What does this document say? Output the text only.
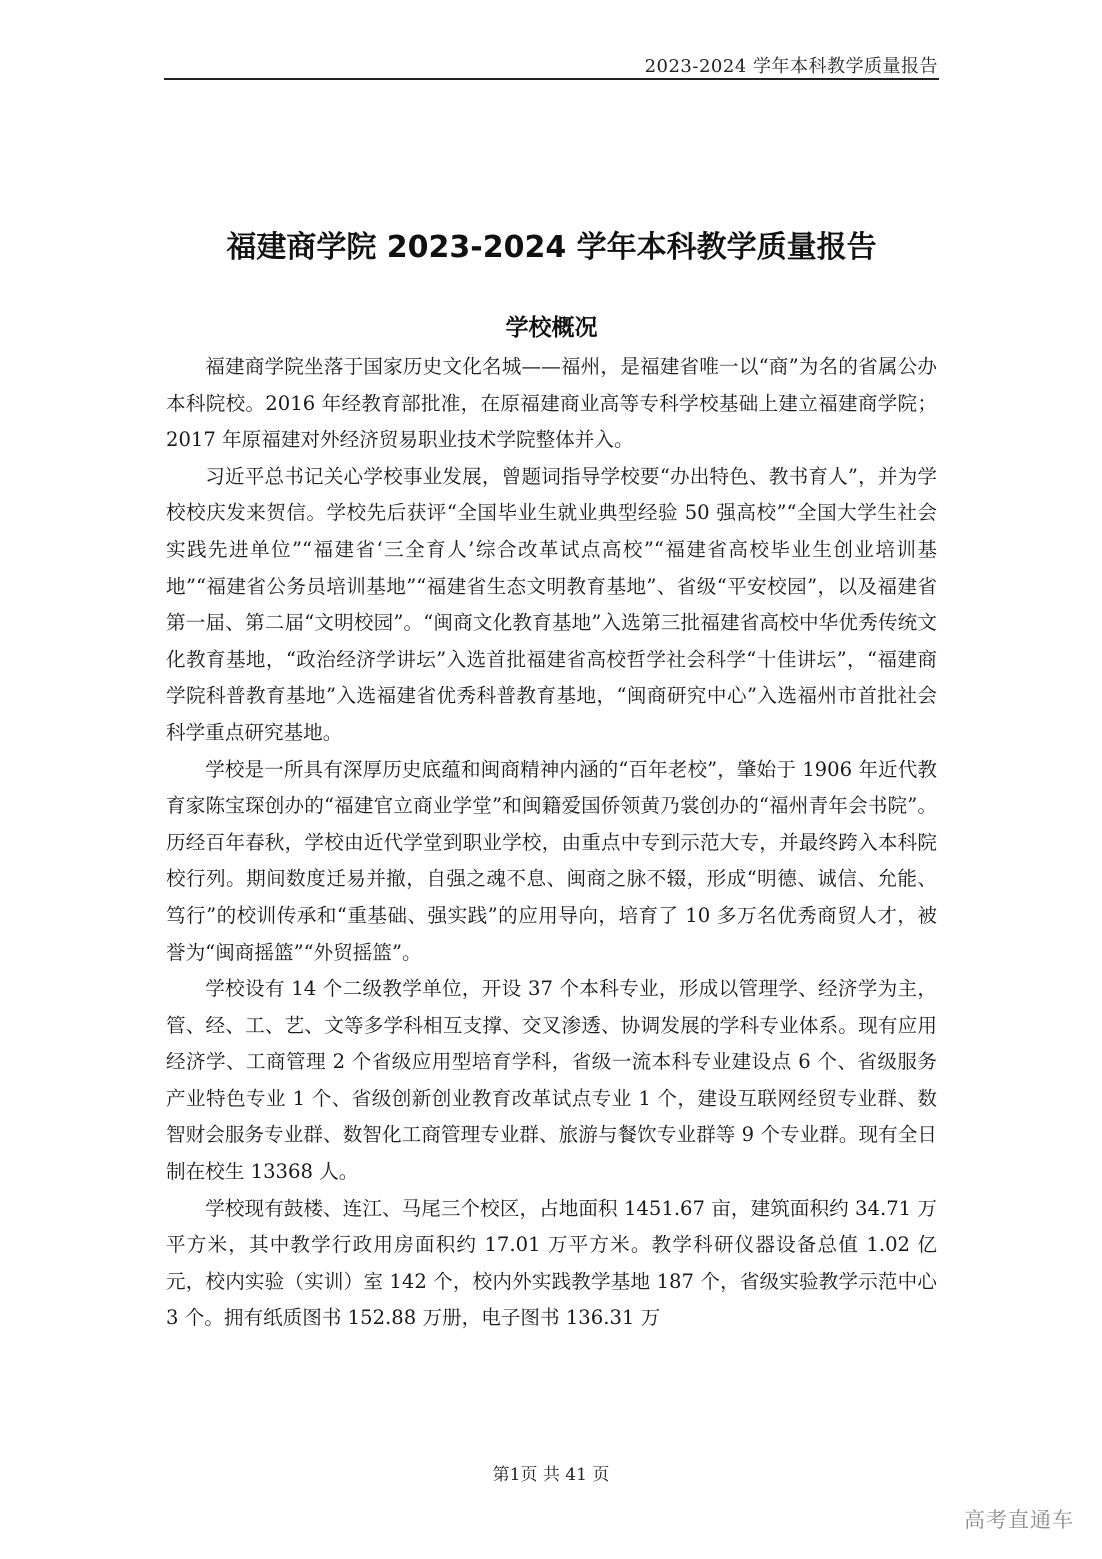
2023-2024 学年本科教学质量报告
福建商学院 2023-2024 学年本科教学质量报告
学校概况

福建商学院坐落于国家历史文化名城——福州，是福建省唯一以“商”为名的省属公办本科院校。2016 年经教育部批准，在原福建商业高等专科学校基础上建立福建商学院；2017 年原福建对外经济贸易职业技术学院整体并入。

习近平总书记关心学校事业发展，曾题词指导学校要“办出特色、教书育人”，并为学校校庆发来贺信。学校先后获评“全国毕业生就业典型经验 50 强高校”“全国大学生社会实践先进单位”“福建省‘三全育人’综合改革试点高校”“福建省高校毕业生创业培训基地”“福建省公务员培训基地”“福建省生态文明教育基地”、省级“平安校园”，以及福建省第一届、第二届“文明校园”。“闽商文化教育基地”入选第三批福建省高校中华优秀传统文化教育基地，“政治经济学讲坛”入选首批福建省高校哲学社会科学“十佳讲坛”，“福建商学院科普教育基地”入选福建省优秀科普教育基地，“闽商研究中心”入选福州市首批社会科学重点研究基地。

学校是一所具有深厚历史底蕴和闽商精神内涵的“百年老校”，肇始于 1906 年近代教育家陈宝琛创办的“福建官立商业学堂”和闽籍爱国侨领黄乃裳创办的“福州青年会书院”。历经百年春秋，学校由近代学堂到职业学校，由重点中专到示范大专，并最终跨入本科院校行列。期间数度迁易并撤，自强之魂不息、闽商之脉不辍，形成“明德、诚信、允能、笃行”的校训传承和“重基础、强实践”的应用导向，培育了 10 多万名优秀商贸人才，被誉为“闽商摇篮”“外贸摇篮”。

学校设有 14 个二级教学单位，开设 37 个本科专业，形成以管理学、经济学为主，管、经、工、艺、文等多学科相互支撑、交叉渗透、协调发展的学科专业体系。现有应用经济学、工商管理 2 个省级应用型培育学科，省级一流本科专业建设点 6 个、省级服务产业特色专业 1 个、省级创新创业教育改革试点专业 1 个，建设互联网经贸专业群、数智财会服务专业群、数智化工商管理专业群、旅游与餐饮专业群等 9 个专业群。现有全日制在校生 13368 人。

学校现有鼓楼、连江、马尾三个校区，占地面积 1451.67 亩，建筑面积约 34.71 万平方米，其中教学行政用房面积约 17.01 万平方米。教学科研仪器设备总值 1.02 亿元，校内实验（实训）室 142 个，校内外实践教学基地 187 个，省级实验教学示范中心 3 个。拥有纸质图书 152.88 万册，电子图书 136.31 万

第1页 共 41 页
高考直通车
